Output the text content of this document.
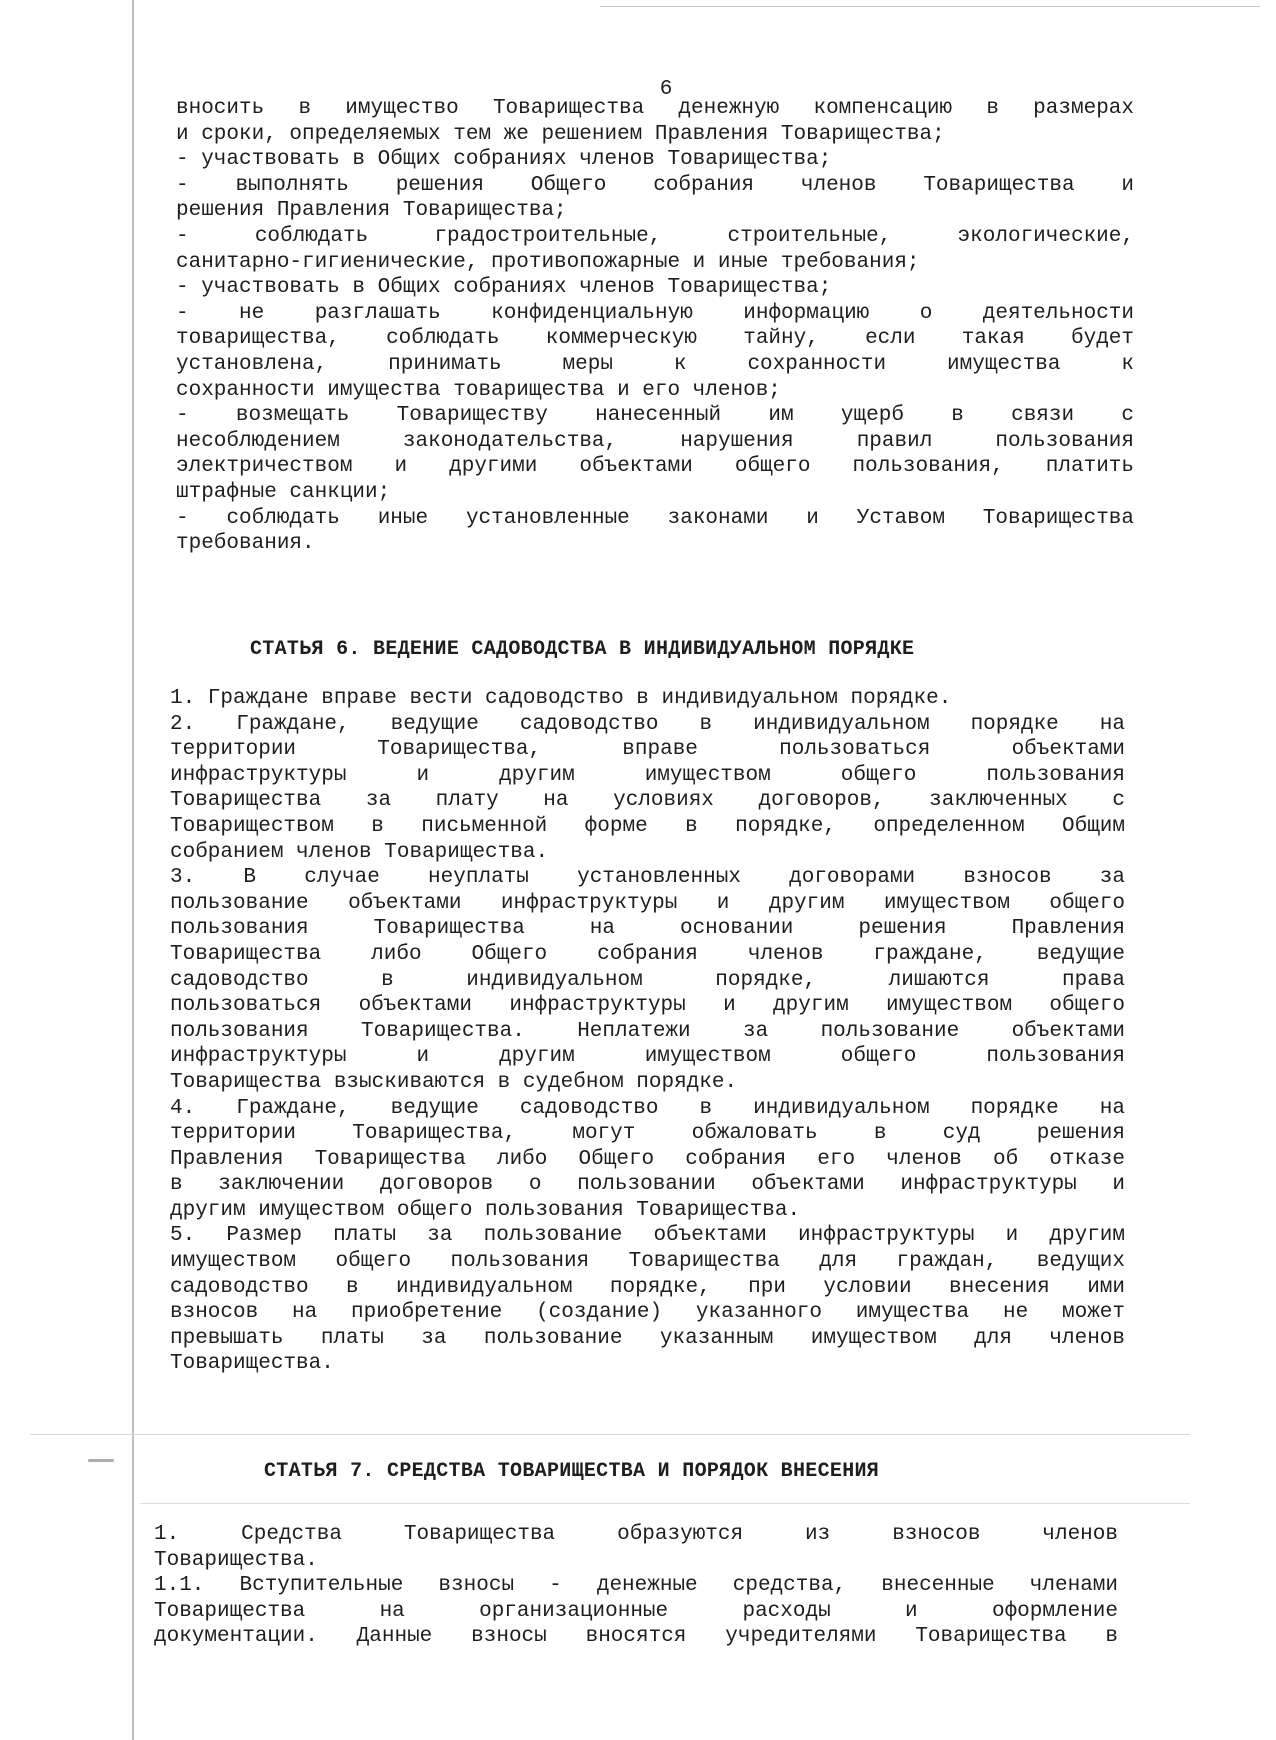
6
вносить в имущество Товарищества денежную компенсацию в размерах
и сроки, определяемых тем же решением Правления Товарищества;
- участвовать в Общих собраниях членов Товарищества;
- выполнять решения Общего собрания членов Товарищества и
решения Правления Товарищества;
- соблюдать градостроительные, строительные, экологические,
санитарно-гигиенические, противопожарные и иные требования;
- участвовать в Общих собраниях членов Товарищества;
- не разглашать конфиденциальную информацию о деятельности
товарищества, соблюдать коммерческую тайну, если такая будет
установлена, принимать меры к сохранности имущества к
сохранности имущества товарищества и его членов;
- возмещать Товариществу нанесенный им ущерб в связи с
несоблюдением законодательства, нарушения правил пользования
электричеством и другими объектами общего пользования, платить
штрафные санкции;
- соблюдать иные установленные законами и Уставом Товарищества
требования.
СТАТЬЯ 6. ВЕДЕНИЕ САДОВОДСТВА В ИНДИВИДУАЛЬНОМ ПОРЯДКЕ
1. Граждане вправе вести садоводство в индивидуальном порядке.
2. Граждане, ведущие садоводство в индивидуальном порядке на
территории Товарищества, вправе пользоваться объектами
инфраструктуры и другим имуществом общего пользования
Товарищества за плату на условиях договоров, заключенных с
Товариществом в письменной форме в порядке, определенном Общим
собранием членов Товарищества.
3. В случае неуплаты установленных договорами взносов за
пользование объектами инфраструктуры и другим имуществом общего
пользования Товарищества на основании решения Правления
Товарищества либо Общего собрания членов граждане, ведущие
садоводство в индивидуальном порядке, лишаются права
пользоваться объектами инфраструктуры и другим имуществом общего
пользования Товарищества. Неплатежи за пользование объектами
инфраструктуры и другим имуществом общего пользования
Товарищества взыскиваются в судебном порядке.
4. Граждане, ведущие садоводство в индивидуальном порядке на
территории Товарищества, могут обжаловать в суд решения
Правления Товарищества либо Общего собрания его членов об отказе
в заключении договоров о пользовании объектами инфраструктуры и
другим имуществом общего пользования Товарищества.
5. Размер платы за пользование объектами инфраструктуры и другим
имуществом общего пользования Товарищества для граждан, ведущих
садоводство в индивидуальном порядке, при условии внесения ими
взносов на приобретение (создание) указанного имущества не может
превышать платы за пользование указанным имуществом для членов
Товарищества.
СТАТЬЯ 7. СРЕДСТВА ТОВАРИЩЕСТВА И ПОРЯДОК ВНЕСЕНИЯ
1. Средства Товарищества образуются из взносов членов
Товарищества.
1.1. Вступительные взносы - денежные средства, внесенные членами
Товарищества на организационные расходы и оформление
документации. Данные взносы вносятся учредителями Товарищества в
